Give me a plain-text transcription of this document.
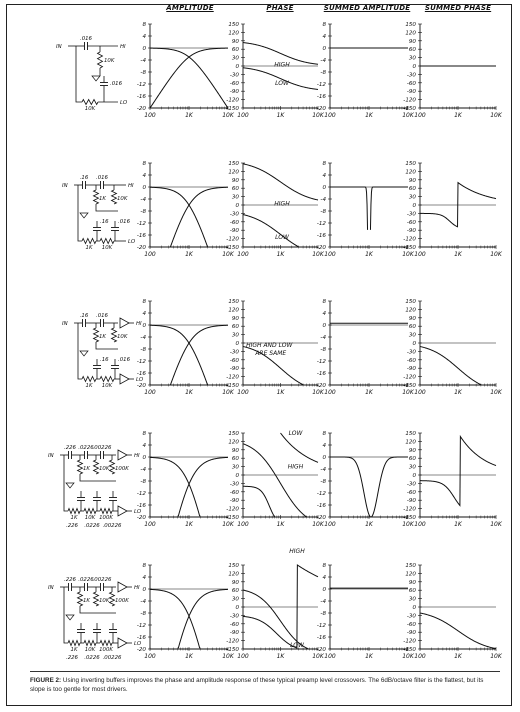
AMPLITUDE	PHASE	SUMMED AMPLITUDE SUMMED PHASE
8
4
0
-4
-8
-12
-16
-20
100	1K	10K
150
120
90
60
30
0
-30
-60
-90
-120
-150
100	1K	10K
HIGH
LOW
8
4
0
-4
-8
-12
-16
-20
100	1K	10K
150
120
90
60
30
0
-30
-60
-90
-120
-150
100	1K	10K
8
4
0
-4
-8
-12
-16
-20
100	1K	10K
150
120
90
60
30
0
-30
-60
-90
-120
-150
100	1K	10K
HIGH
LOW
8
4
0
-4
-8
-12
-16
-20
100	1K	10K
150
120
90
60
30
0
-30
-60
-90
-120
-150
100	1K	10K
8
4
0
-4
-8
-12
-16
-20
100	1K	10K
150
120
90
60
30
0
-30
-60
-90
-120
-150
100	1K	10K
HIGH AND LOW
ARE SAME
8
4
0
-4
-8
-12
-16
-20
100	1K	10K
150
120
90
60
30
0
-30
-60
-90
-120
-150
100	1K	10K
8
4
0
-4
-8
-12
-16
-20
100	1K	10K
150
120
90
60
30
0
-30
-60
-90
-120
-150
100	1K	10K
LOW
HIGH
8
4
0
-4
-8
-12
-16
-20
100	1K	10K
150
120
90
60
30
0
-30
-60
-90
-120
-150
100	1K	10K
8
4
0
-4
-8
-12
-16
-20
100	1K	10K
150
120
90
60
30
0
-30
-60
-90
-120
-150
100	1K	10K
HIGH
LOW
8
4
0
-4
-8
-12
-16
-20
100	1K	10K
150
120
90
60
30
0
-30
-60
-90
-120
-150
100	1K	10K
IN
.016
HI
10K
.016
10K
LO
IN
.16
1K
.016
10K
HI
1K
.16
10K
.016
LO
IN
.16
1K
.016
10K
HI
1K
.16
10K
.016
LO
IN
.226
1K
.0226
10K
.00226
100K
HI
1K 10K 100K
LO
.226 .0226 .00226
IN
.226
1K
.0226
10K
.00226
100K
HI
1K 10K 100K
LO
.226 .0226 .00226
FIGURE 2: Using inverting buffers improves the phase and amplitude response of these typical preamp level crossovers. The 6dB/octave filter is the flattest, but its slope is too gentle for most drivers.
